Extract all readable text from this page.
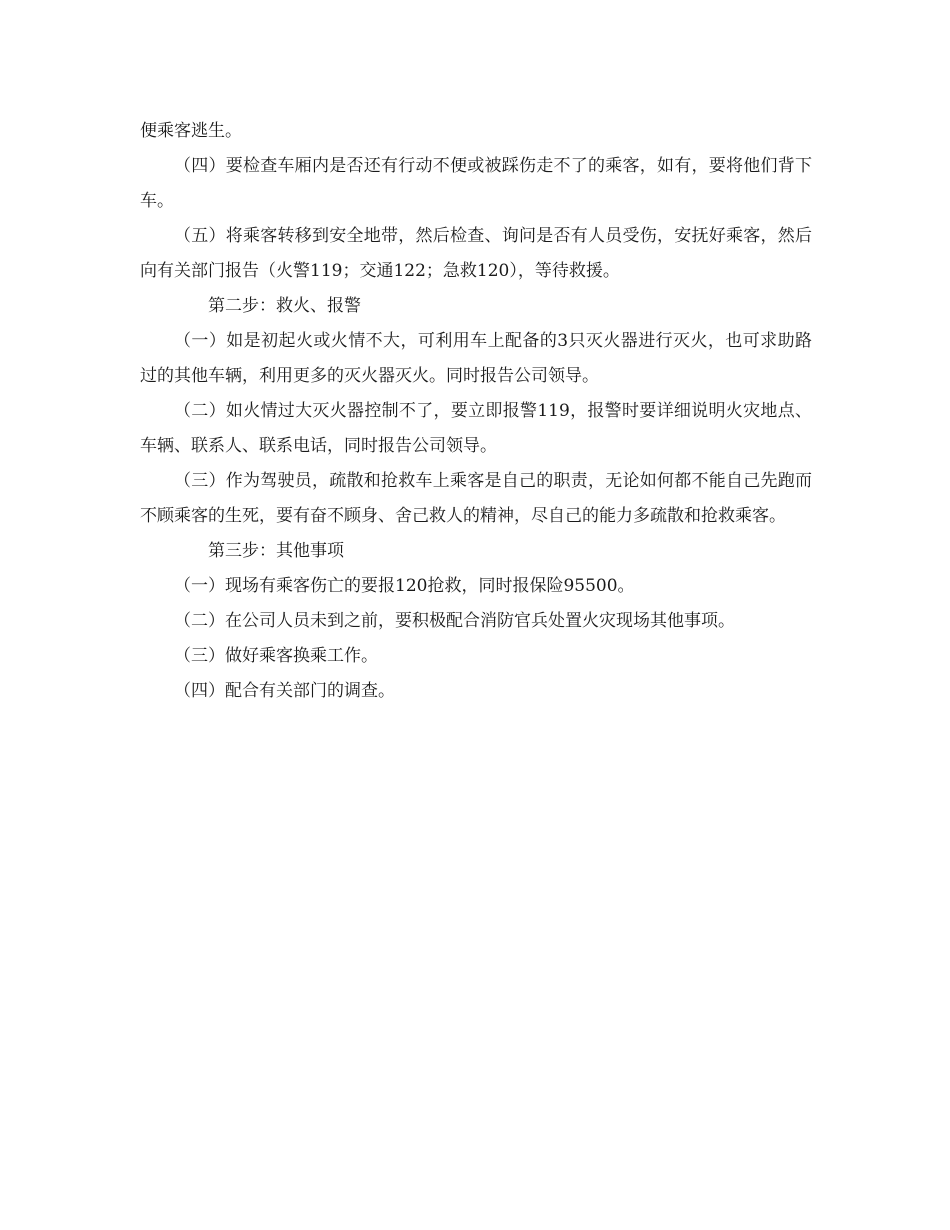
便乘客逃生。

（四）要检查车厢内是否还有行动不便或被踩伤走不了的乘客，如有，要将他们背下车。

（五）将乘客转移到安全地带，然后检查、询问是否有人员受伤，安抚好乘客，然后向有关部门报告（火警119；交通122；急救120），等待救援。

第二步：救火、报警

（一）如是初起火或火情不大，可利用车上配备的3只灭火器进行灭火，也可求助路过的其他车辆，利用更多的灭火器灭火。同时报告公司领导。

（二）如火情过大灭火器控制不了，要立即报警119，报警时要详细说明火灾地点、车辆、联系人、联系电话，同时报告公司领导。

（三）作为驾驶员，疏散和抢救车上乘客是自己的职责，无论如何都不能自己先跑而不顾乘客的生死，要有奋不顾身、舍己救人的精神，尽自己的能力多疏散和抢救乘客。

第三步：其他事项

（一）现场有乘客伤亡的要报120抢救，同时报保险95500。

（二）在公司人员未到之前，要积极配合消防官兵处置火灾现场其他事项。

（三）做好乘客换乘工作。

（四）配合有关部门的调查。
